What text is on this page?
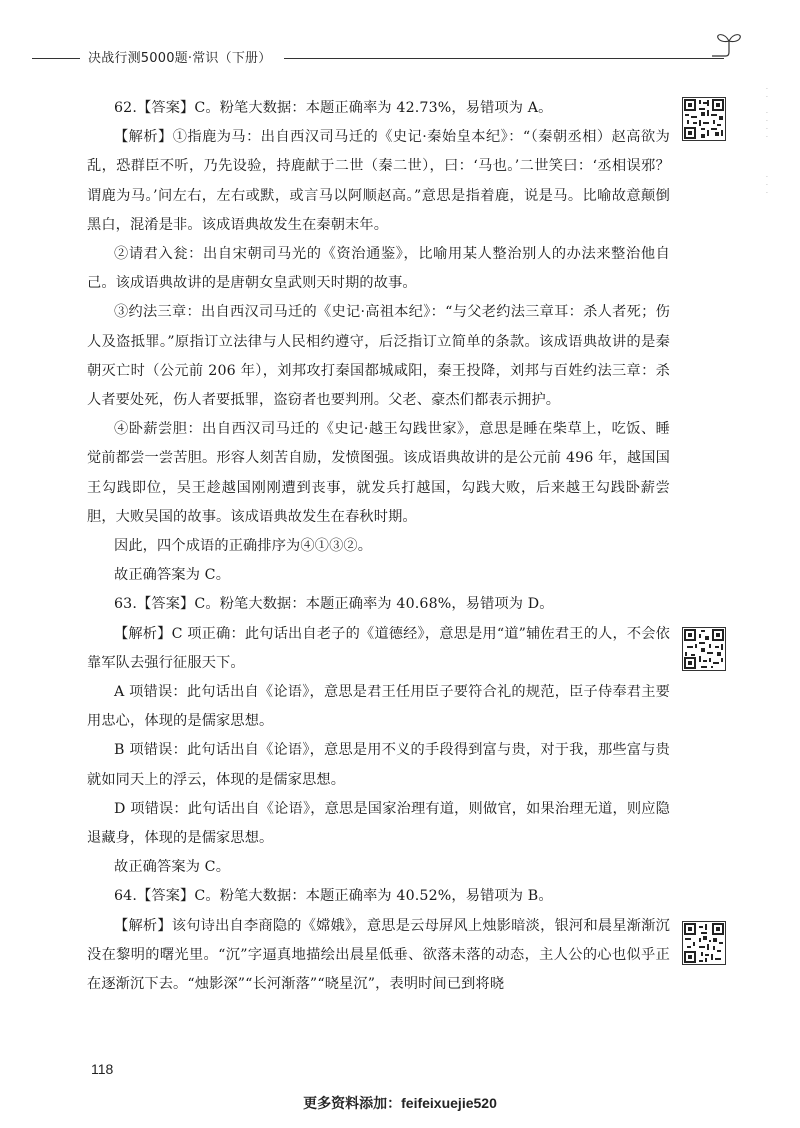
决战行测5000题·常识（下册）

62.【答案】C。粉笔大数据：本题正确率为 42.73%，易错项为 A。

【解析】①指鹿为马：出自西汉司马迁的《史记·秦始皇本纪》：“（秦朝丞相）赵高欲为乱，恐群臣不听，乃先设验，持鹿献于二世（秦二世），曰：‘马也。’二世笑曰：‘丞相误邪？谓鹿为马。’问左右，左右或默，或言马以阿顺赵高。”意思是指着鹿，说是马。比喻故意颠倒黑白，混淆是非。该成语典故发生在秦朝末年。

②请君入瓮：出自宋朝司马光的《资治通鉴》，比喻用某人整治别人的办法来整治他自己。该成语典故讲的是唐朝女皇武则天时期的故事。

③约法三章：出自西汉司马迁的《史记·高祖本纪》：“与父老约法三章耳：杀人者死；伤人及盗抵罪。”原指订立法律与人民相约遵守，后泛指订立简单的条款。该成语典故讲的是秦朝灭亡时（公元前 206 年），刘邦攻打秦国都城咸阳，秦王投降，刘邦与百姓约法三章：杀人者要处死，伤人者要抵罪，盗窃者也要判刑。父老、豪杰们都表示拥护。

④卧薪尝胆：出自西汉司马迁的《史记·越王勾践世家》，意思是睡在柴草上，吃饭、睡觉前都尝一尝苦胆。形容人刻苦自励，发愤图强。该成语典故讲的是公元前 496 年，越国国王勾践即位，吴王趁越国刚刚遭到丧事，就发兵打越国，勾践大败，后来越王勾践卧薪尝胆，大败吴国的故事。该成语典故发生在春秋时期。

因此，四个成语的正确排序为④①③②。

故正确答案为 C。

63.【答案】C。粉笔大数据：本题正确率为 40.68%，易错项为 D。

【解析】C 项正确：此句话出自老子的《道德经》，意思是用“道”辅佐君王的人，不会依靠军队去强行征服天下。

A 项错误：此句话出自《论语》，意思是君王任用臣子要符合礼的规范，臣子侍奉君主要用忠心，体现的是儒家思想。

B 项错误：此句话出自《论语》，意思是用不义的手段得到富与贵，对于我，那些富与贵就如同天上的浮云，体现的是儒家思想。

D 项错误：此句话出自《论语》，意思是国家治理有道，则做官，如果治理无道，则应隐退藏身，体现的是儒家思想。

故正确答案为 C。

64.【答案】C。粉笔大数据：本题正确率为 40.52%，易错项为 B。

【解析】该句诗出自李商隐的《嫦娥》，意思是云母屏风上烛影暗淡，银河和晨星渐渐沉没在黎明的曙光里。“沉”字逼真地描绘出晨星低垂、欲落未落的动态，主人公的心也似乎正在逐渐沉下去。“烛影深”“长河渐落”“晓星沉”，表明时间已到将晓

·
·

·
·
·
·

·
·
·
118
更多资料添加：feifeixuejie520
